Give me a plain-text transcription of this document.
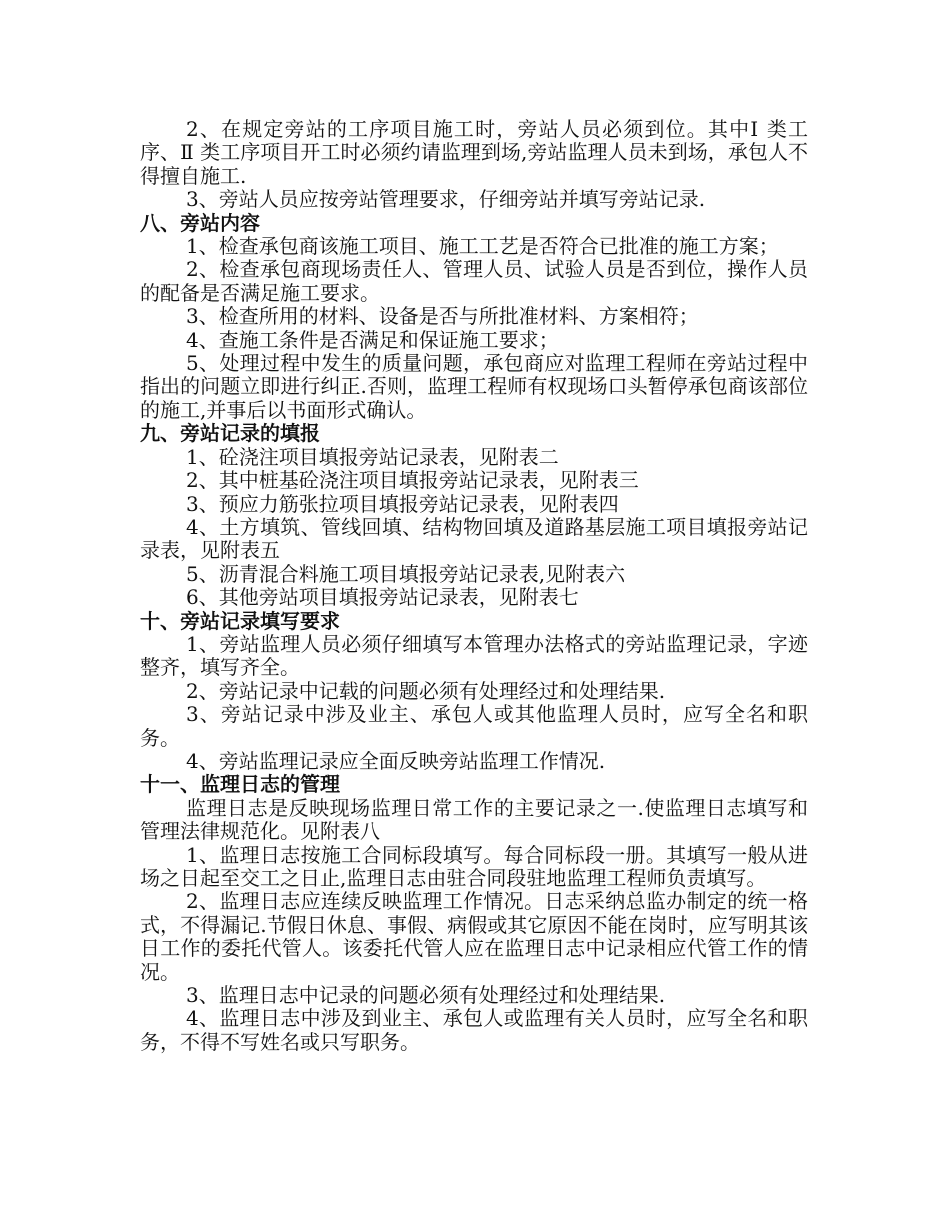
2、在规定旁站的工序项目施工时，旁站人员必须到位。其中Ⅰ 类工序、Ⅱ 类工序项目开工时必须约请监理到场,旁站监理人员未到场，承包人不得擅自施工.

3、旁站人员应按旁站管理要求，仔细旁站并填写旁站记录.

八、旁站内容

1、检查承包商该施工项目、施工工艺是否符合已批准的施工方案；

2、检查承包商现场责任人、管理人员、试验人员是否到位，操作人员的配备是否满足施工要求。

3、检查所用的材料、设备是否与所批准材料、方案相符；

4、查施工条件是否满足和保证施工要求；

5、处理过程中发生的质量问题，承包商应对监理工程师在旁站过程中指出的问题立即进行纠正.否则，监理工程师有权现场口头暂停承包商该部位的施工,并事后以书面形式确认。

九、旁站记录的填报

1、砼浇注项目填报旁站记录表，见附表二

2、其中桩基砼浇注项目填报旁站记录表，见附表三

3、预应力筋张拉项目填报旁站记录表，见附表四

4、土方填筑、管线回填、结构物回填及道路基层施工项目填报旁站记录表，见附表五

5、沥青混合料施工项目填报旁站记录表,见附表六

6、其他旁站项目填报旁站记录表，见附表七

十、旁站记录填写要求

1、旁站监理人员必须仔细填写本管理办法格式的旁站监理记录，字迹整齐，填写齐全。

2、旁站记录中记载的问题必须有处理经过和处理结果.

3、旁站记录中涉及业主、承包人或其他监理人员时，应写全名和职务。

4、旁站监理记录应全面反映旁站监理工作情况.

十一、监理日志的管理

监理日志是反映现场监理日常工作的主要记录之一.使监理日志填写和管理法律规范化。见附表八

1、监理日志按施工合同标段填写。每合同标段一册。其填写一般从进场之日起至交工之日止,监理日志由驻合同段驻地监理工程师负责填写。

2、监理日志应连续反映监理工作情况。日志采纳总监办制定的统一格式，不得漏记.节假日休息、事假、病假或其它原因不能在岗时，应写明其该日工作的委托代管人。该委托代管人应在监理日志中记录相应代管工作的情况。

3、监理日志中记录的问题必须有处理经过和处理结果.

4、监理日志中涉及到业主、承包人或监理有关人员时，应写全名和职务，不得不写姓名或只写职务。
